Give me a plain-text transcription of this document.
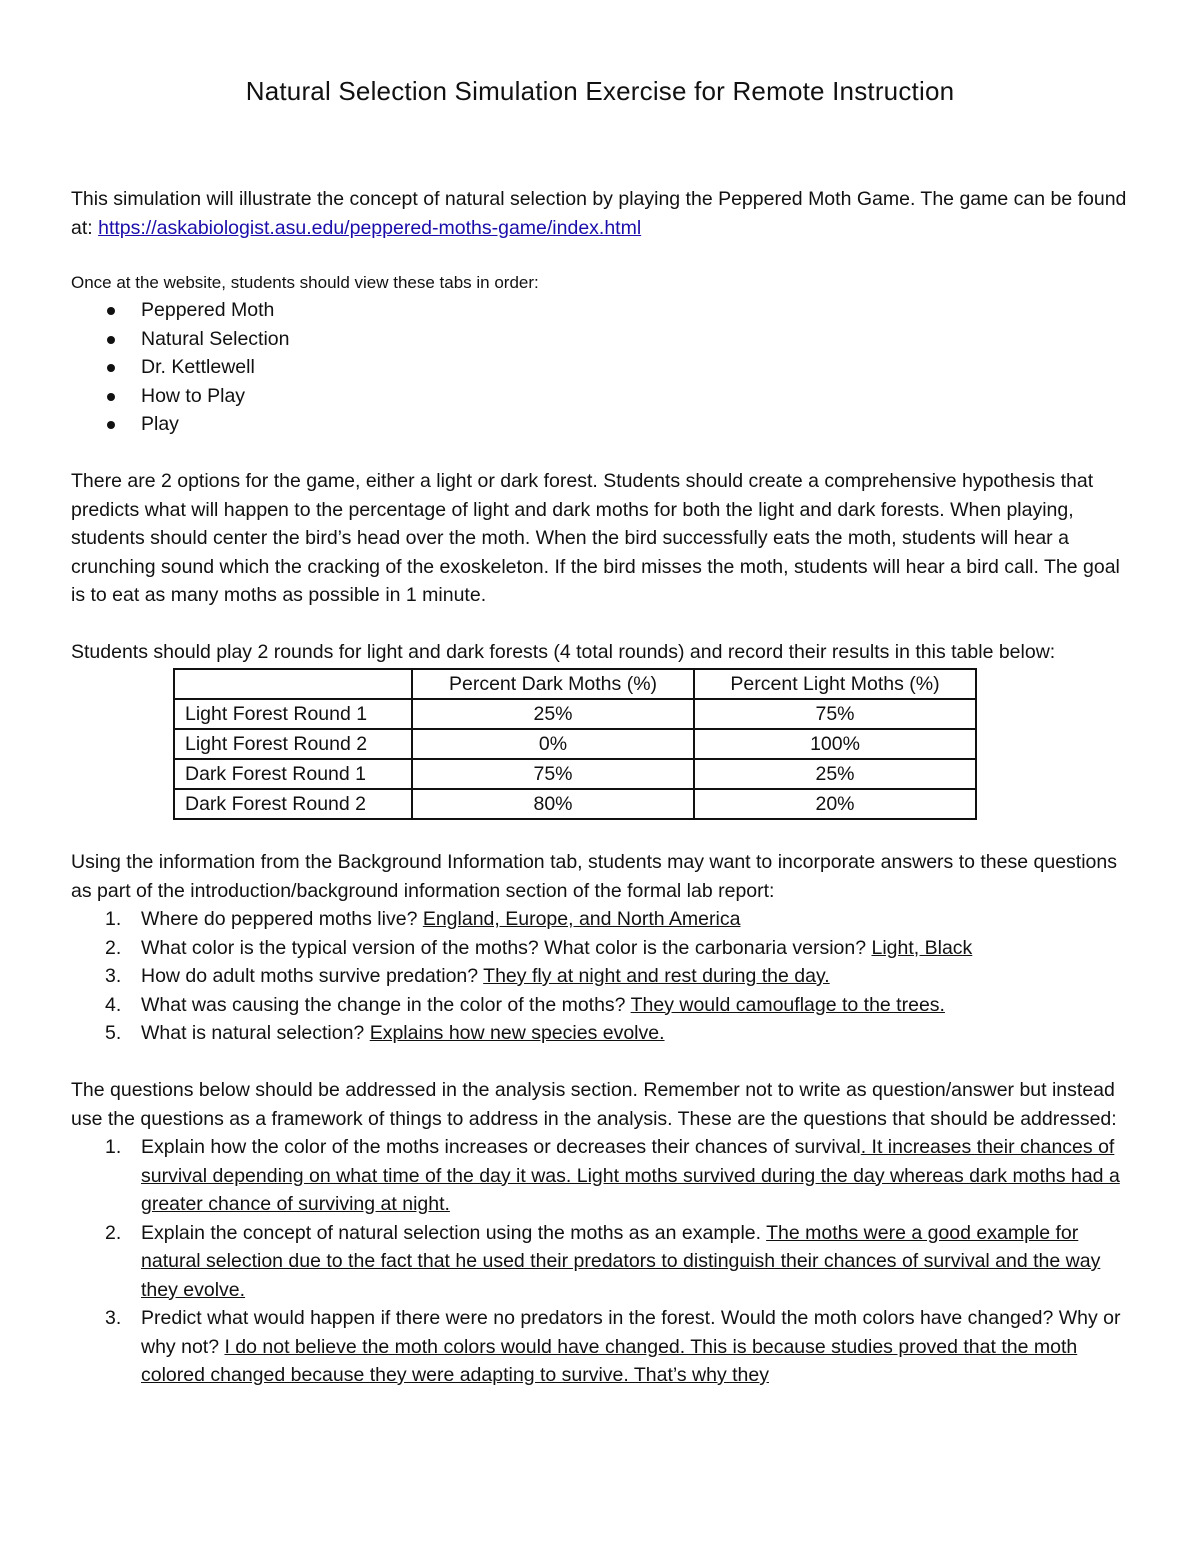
Natural Selection Simulation Exercise for Remote Instruction

This simulation will illustrate the concept of natural selection by playing the Peppered Moth Game. The game can be found at: https://askabiologist.asu.edu/peppered-moths-game/index.html

Once at the website, students should view these tabs in order:

Peppered Moth
Natural Selection
Dr. Kettlewell
How to Play
Play

There are 2 options for the game, either a light or dark forest. Students should create a comprehensive hypothesis that predicts what will happen to the percentage of light and dark moths for both the light and dark forests. When playing, students should center the bird’s head over the moth. When the bird successfully eats the moth, students will hear a crunching sound which the cracking of the exoskeleton. If the bird misses the moth, students will hear a bird call. The goal is to eat as many moths as possible in 1 minute.

Students should play 2 rounds for light and dark forests (4 total rounds) and record their results in this table below:

	Percent Dark Moths (%)	Percent Light Moths (%)
Light Forest Round 1	25%	75%
Light Forest Round 2	0%	100%
Dark Forest Round 1	75%	25%
Dark Forest Round 2	80%	20%

Using the information from the Background Information tab, students may want to incorporate answers to these questions as part of the introduction/background information section of the formal lab report:

1. Where do peppered moths live? England, Europe, and North America
2. What color is the typical version of the moths? What color is the carbonaria version? Light, Black
3. How do adult moths survive predation? They fly at night and rest during the day.
4. What was causing the change in the color of the moths? They would camouflage to the trees.
5. What is natural selection? Explains how new species evolve.

The questions below should be addressed in the analysis section. Remember not to write as question/answer but instead use the questions as a framework of things to address in the analysis. These are the questions that should be addressed:

1. Explain how the color of the moths increases or decreases their chances of survival. It increases their chances of survival depending on what time of the day it was. Light moths survived during the day whereas dark moths had a greater chance of surviving at night.
2. Explain the concept of natural selection using the moths as an example. The moths were a good example for natural selection due to the fact that he used their predators to distinguish their chances of survival and the way they evolve.
3. Predict what would happen if there were no predators in the forest. Would the moth colors have changed? Why or why not? I do not believe the moth colors would have changed. This is because studies proved that the moth colored changed because they were adapting to survive. That’s why they
